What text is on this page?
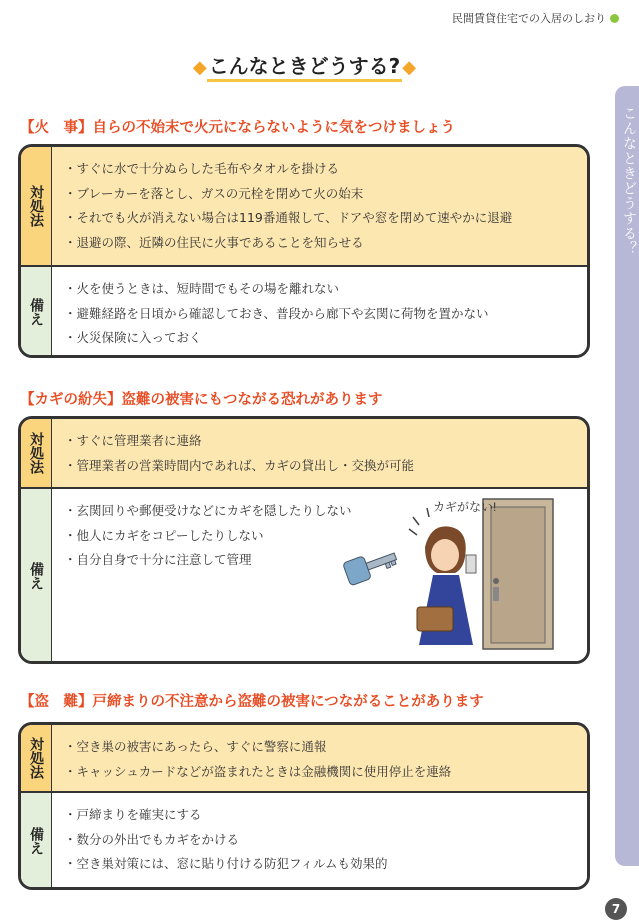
民間賃貸住宅での入居のしおり
こんなときどうする？
◆ こんなときどうする? ◆
【火　事】自らの不始末で火元にならないように気をつけましょう
対処法
・ すぐに水で十分ぬらした毛布やタオルを掛ける
・ ブレーカーを落とし、ガスの元栓を閉めて火の始末
・ それでも火が消えない場合は119番通報して、ドアや窓を閉めて速やかに退避
・ 退避の際、近隣の住民に火事であることを知らせる
備え
・ 火を使うときは、短時間でもその場を離れない
・ 避難経路を日頃から確認しておき、普段から廊下や玄関に荷物を置かない
・ 火災保険に入っておく
【カギの紛失】盗難の被害にもつながる恐れがあります
対処法	・ すぐに管理業者に連絡
・ 管理業者の営業時間内であれば、カギの貸出し・交換が可能
備え
・ 玄関回りや郵便受けなどにカギを隠したりしない
・ 他人にカギをコピーしたりしない
・ 自分自身で十分に注意して管理
カギがない!
【盗　難】戸締まりの不注意から盗難の被害につながることがあります
対処法	・ 空き巣の被害にあったら、すぐに警察に通報
・ キャッシュカードなどが盗まれたときは金融機関に使用停止を連絡
備え
・ 戸締まりを確実にする
・ 数分の外出でもカギをかける
・ 空き巣対策には、窓に貼り付ける防犯フィルムも効果的
7
